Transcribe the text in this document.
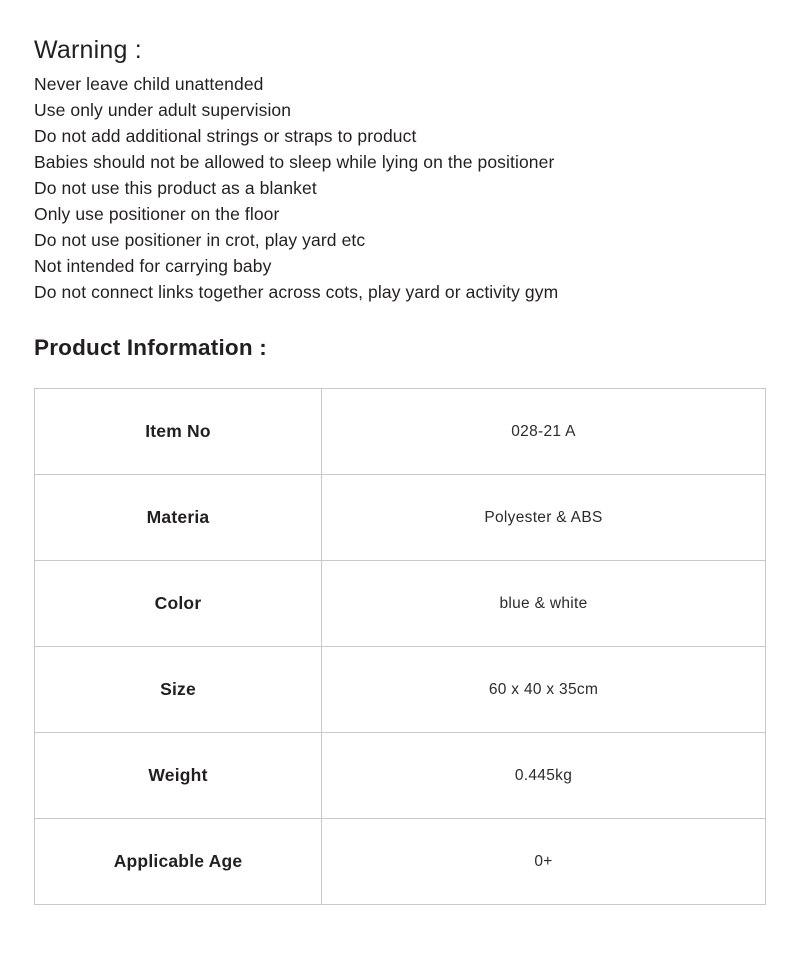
Warning :
Never leave child unattended
Use only under adult supervision
Do not add additional strings or straps to product
Babies should not be allowed to sleep while lying on the positioner
Do not use this product as a blanket
Only use positioner on the floor
Do not use positioner in crot, play yard etc
Not intended for carrying baby
Do not connect links together across cots, play yard or activity gym
Product Information :
Item No	028-21 A
Materia	Polyester & ABS
Color	blue & white
Size	60 x 40 x 35cm
Weight	0.445kg
Applicable Age	0+
